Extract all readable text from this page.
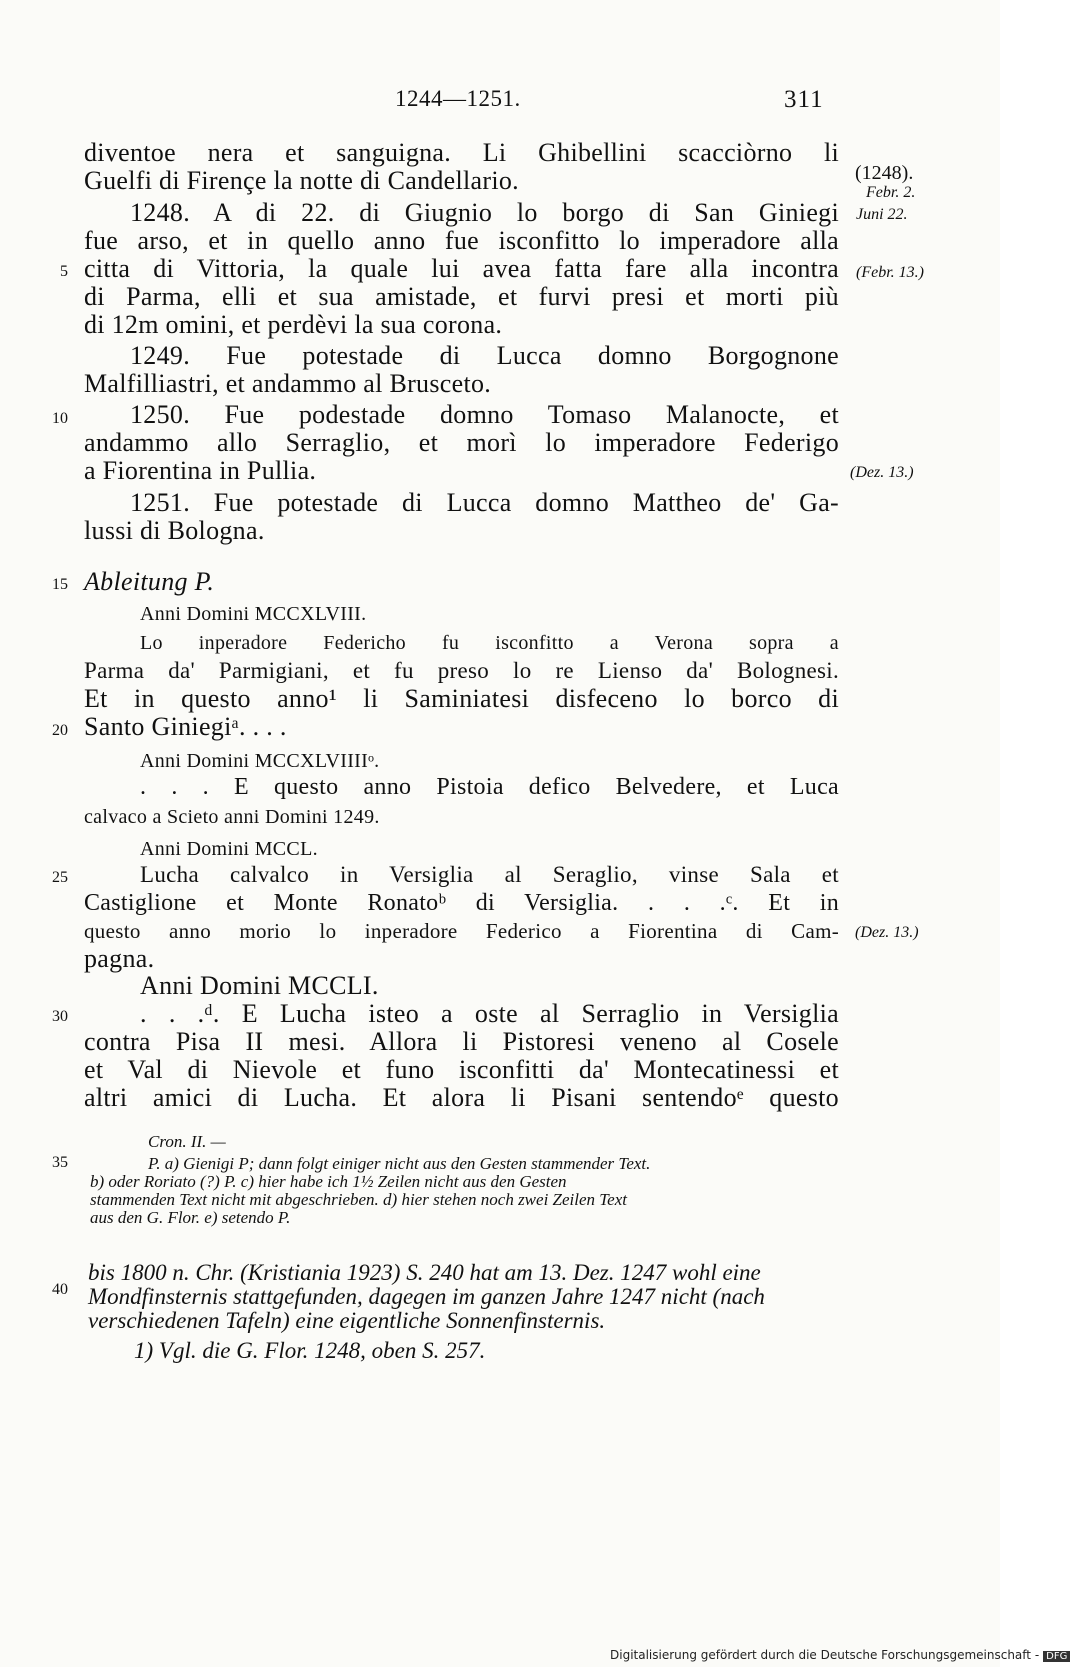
1244—1251.	311
diventoe nera et sanguigna. Li Ghibellini scacciòrno li
Guelfi di Firençe la notte di Candellario.
1248. A di 22. di Giugnio lo borgo di San Giniegi
fue arso, et in quello anno fue isconfitto lo imperadore alla
citta di Vittoria, la quale lui avea fatta fare alla incontra
di Parma, elli et sua amistade, et furvi presi et morti più
di 12m omini, et perdèvi la sua corona.
1249. Fue potestade di Lucca domno Borgognone
Malfilliastri, et andammo al Brusceto.
1250. Fue podestade domno Tomaso Malanocte, et
andammo allo Serraglio, et morì lo imperadore Federigo
a Fiorentina in Pullia.
1251. Fue potestade di Lucca domno Mattheo de' Ga-
lussi di Bologna.
Ableitung P.
Anni Domini MCCXLVIII.
Lo inperadore Federicho fu isconfitto a Verona sopra a
Parma da' Parmigiani, et fu preso lo re Lienso da' Bolognesi.
Et in questo anno¹ li Saminiatesi disfeceno lo borco di
Santo Giniegiᵃ. . . .
Anni Domini MCCXLVIIIIᵒ.
. . . E questo anno Pistoia defico Belvedere, et Luca
calvaco a Scieto anni Domini 1249.
Anni Domini MCCL.
Lucha calvalco in Versiglia al Seraglio, vinse Sala et
Castiglione et Monte Ronatoᵇ di Versiglia. . . .ᶜ. Et in
questo anno morio lo inperadore Federico a Fiorentina di Cam-
pagna.
Anni Domini MCCLI.
. . .ᵈ. E Lucha isteo a oste al Serraglio in Versiglia
contra Pisa II mesi. Allora li Pistoresi veneno al Cosele
et Val di Nievole et funo isconfitti da' Montecatinessi et
altri amici di Lucha. Et alora li Pisani sentendoᵉ questo
5
10
15
20
25
30
35
40
(1248).
Febr. 2.
Juni 22.
(Febr. 13.)
(Dez. 13.)
(Dez. 13.)
Cron. II. —
P. a) Gienigi P; dann folgt einiger nicht aus den Gesten stammender Text.
b) oder Roriato (?) P. c) hier habe ich 1½ Zeilen nicht aus den Gesten
stammenden Text nicht mit abgeschrieben. d) hier stehen noch zwei Zeilen Text
aus den G. Flor. e) setendo P.
bis 1800 n. Chr. (Kristiania 1923) S. 240 hat am 13. Dez. 1247 wohl eine
Mondfinsternis stattgefunden, dagegen im ganzen Jahre 1247 nicht (nach
verschiedenen Tafeln) eine eigentliche Sonnenfinsternis.
1) Vgl. die G. Flor. 1248, oben S. 257.
Digitalisierung gefördert durch die Deutsche Forschungsgemeinschaft - DFG
